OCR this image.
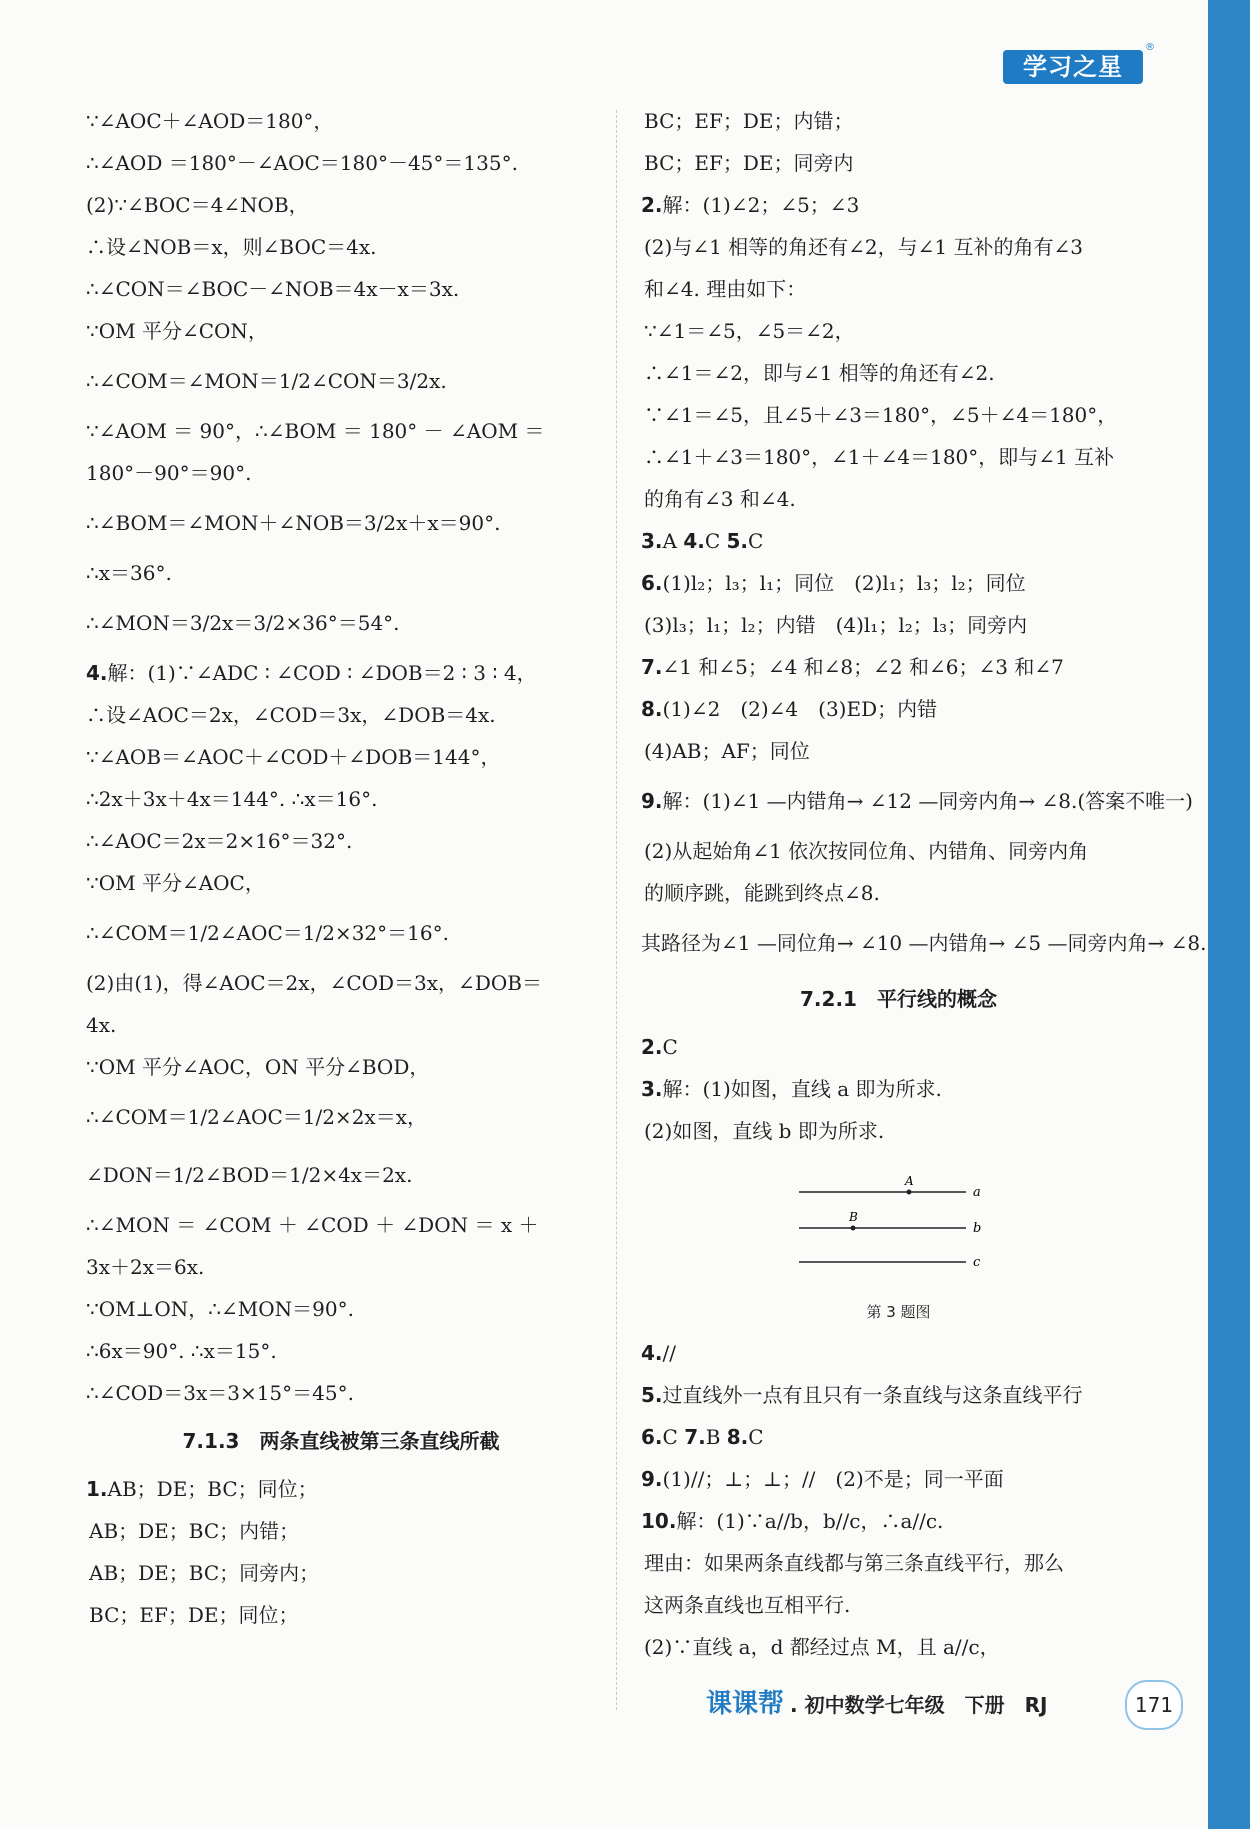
学习之星
®
∵∠AOC＋∠AOD＝180°，
∴∠AOD ＝180°－∠AOC＝180°－45°＝135°.
(2)∵∠BOC＝4∠NOB，
∴设∠NOB＝x，则∠BOC＝4x.
∴∠CON＝∠BOC－∠NOB＝4x－x＝3x.
∵OM 平分∠CON，
∴∠COM＝∠MON＝1/2∠CON＝3/2x.
∵∠AOM ＝ 90°，∴∠BOM ＝ 180° － ∠AOM ＝
180°－90°＝90°.
∴∠BOM＝∠MON＋∠NOB＝3/2x＋x＝90°.
∴x＝36°.
∴∠MON＝3/2x＝3/2×36°＝54°.
4.解：(1)∵∠ADC ∶ ∠COD ∶ ∠DOB＝2 ∶ 3 ∶ 4，
∴设∠AOC＝2x，∠COD＝3x，∠DOB＝4x.
∵∠AOB＝∠AOC＋∠COD＋∠DOB＝144°，
∴2x＋3x＋4x＝144°. ∴x＝16°.
∴∠AOC＝2x＝2×16°＝32°.
∵OM 平分∠AOC，
∴∠COM＝1/2∠AOC＝1/2×32°＝16°.
(2)由(1)，得∠AOC＝2x，∠COD＝3x，∠DOB＝
4x.
∵OM 平分∠AOC，ON 平分∠BOD，
∴∠COM＝1/2∠AOC＝1/2×2x＝x，
∠DON＝1/2∠BOD＝1/2×4x＝2x.
∴∠MON ＝ ∠COM ＋ ∠COD ＋ ∠DON ＝ x ＋
3x＋2x＝6x.
∵OM⊥ON，∴∠MON＝90°.
∴6x＝90°. ∴x＝15°.
∴∠COD＝3x＝3×15°＝45°.
7.1.3　两条直线被第三条直线所截
1.AB；DE；BC；同位；
AB；DE；BC；内错；
AB；DE；BC；同旁内；
BC；EF；DE；同位；
BC；EF；DE；内错；
BC；EF；DE；同旁内
2.解：(1)∠2；∠5；∠3
(2)与∠1 相等的角还有∠2，与∠1 互补的角有∠3
和∠4. 理由如下：
∵∠1＝∠5，∠5＝∠2，
∴∠1＝∠2，即与∠1 相等的角还有∠2.
∵∠1＝∠5，且∠5＋∠3＝180°，∠5＋∠4＝180°，
∴∠1＋∠3＝180°，∠1＋∠4＝180°，即与∠1 互补
的角有∠3 和∠4.
3.A 4.C 5.C
6.(1)l₂；l₃；l₁；同位　(2)l₁；l₃；l₂；同位
(3)l₃；l₁；l₂；内错　(4)l₁；l₂；l₃；同旁内
7.∠1 和∠5；∠4 和∠8；∠2 和∠6；∠3 和∠7
8.(1)∠2　(2)∠4　(3)ED；内错
(4)AB；AF；同位
9.解：(1)∠1 —内错角→ ∠12 —同旁内角→ ∠8.(答案不唯一)
(2)从起始角∠1 依次按同位角、内错角、同旁内角
的顺序跳，能跳到终点∠8.
其路径为∠1 —同位角→ ∠10 —内错角→ ∠5 —同旁内角→ ∠8.
7.2.1　平行线的概念
2.C
3.解：(1)如图，直线 a 即为所求.
(2)如图，直线 b 即为所求.
A
B
a
b
c
第 3 题图
4.//
5.过直线外一点有且只有一条直线与这条直线平行
6.C 7.B 8.C
9.(1)//；⊥；⊥；//　(2)不是；同一平面
10.解：(1)∵a//b，b//c，∴a//c.
理由：如果两条直线都与第三条直线平行，那么
这两条直线也互相平行.
(2)∵直线 a，d 都经过点 M，且 a//c，
课课帮 . 初中数学七年级　下册　RJ	171
